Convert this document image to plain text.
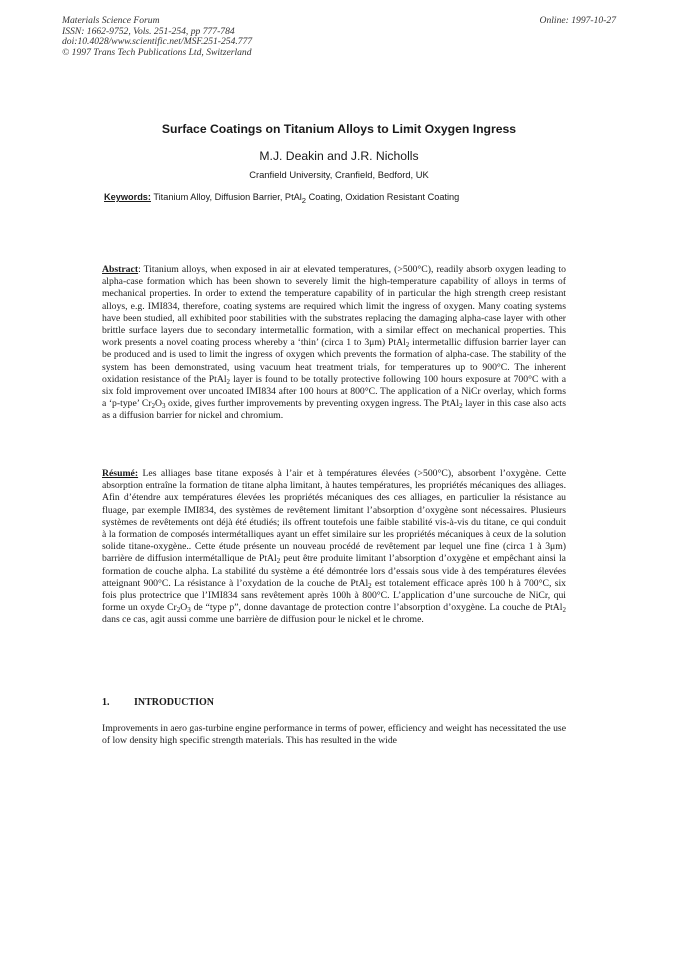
Materials Science Forum
ISSN: 1662-9752, Vols. 251-254, pp 777-784
doi:10.4028/www.scientific.net/MSF.251-254.777
© 1997 Trans Tech Publications Ltd, Switzerland
Online: 1997-10-27
Surface Coatings on Titanium Alloys to Limit Oxygen Ingress
M.J. Deakin and J.R. Nicholls
Cranfield University, Cranfield, Bedford, UK
Keywords: Titanium Alloy, Diffusion Barrier, PtAl$_2$ Coating, Oxidation Resistant Coating
Abstract: Titanium alloys, when exposed in air at elevated temperatures, (>500°C), readily absorb oxygen leading to alpha-case formation which has been shown to severely limit the high-temperature capability of alloys in terms of mechanical properties. In order to extend the temperature capability of in particular the high strength creep resistant alloys, e.g. IMI834, therefore, coating systems are required which limit the ingress of oxygen. Many coating systems have been studied, all exhibited poor stabilities with the substrates replacing the damaging alpha-case layer with other brittle surface layers due to secondary intermetallic formation, with a similar effect on mechanical properties. This work presents a novel coating process whereby a ‘thin’ (circa 1 to 3μm) PtAl$_2$ intermetallic diffusion barrier layer can be produced and is used to limit the ingress of oxygen which prevents the formation of alpha-case. The stability of the system has been demonstrated, using vacuum heat treatment trials, for temperatures up to 900°C. The inherent oxidation resistance of the PtAl$_2$ layer is found to be totally protective following 100 hours exposure at 700°C with a six fold improvement over uncoated IMI834 after 100 hours at 800°C. The application of a NiCr overlay, which forms a ‘p-type’ $Cr_2O_3$ oxide, gives further improvements by preventing oxygen ingress. The PtAl$_2$ layer in this case also acts as a diffusion barrier for nickel and chromium.
Résumé: Les alliages base titane exposés à l’air et à températures élevées (>500°C), absorbent l’oxygène. Cette absorption entraîne la formation de titane alpha limitant, à hautes températures, les propriétés mécaniques des alliages. Afin d’étendre aux températures élevées les propriétés mécaniques des ces alliages, en particulier la résistance au fluage, par exemple IMI834, des systèmes de revêtement limitant l’absorption d’oxygène sont nécessaires. Plusieurs systèmes de revêtements ont déjà été étudiés; ils offrent toutefois une faible stabilité vis-à-vis du titane, ce qui conduit à la formation de composés intermétalliques ayant un effet similaire sur les propriétés mécaniques à ceux de la solution solide titane-oxygène.. Cette étude présente un nouveau procédé de revêtement par lequel une fine (circa 1 à 3μm) barrière de diffusion intermétallique de PtAl$_2$ peut être produite limitant l’absorption d’oxygène et empêchant ainsi la formation de couche alpha. La stabilité du système a été démontrée lors d’essais sous vide à des températures élevées atteignant 900°C. La résistance à l’oxydation de la couche de PtAl$_2$ est totalement efficace après 100 h à 700°C, six fois plus protectrice que l’IMI834 sans revêtement après 100h à 800°C. L’application d’une surcouche de NiCr, qui forme un oxyde $Cr_2O_3$ de “type p”, donne davantage de protection contre l’absorption d’oxygène. La couche de PtAl$_2$ dans ce cas, agit aussi comme une barrière de diffusion pour le nickel et le chrome.
1. INTRODUCTION
Improvements in aero gas-turbine engine performance in terms of power, efficiency and weight has necessitated the use of low density high specific strength materials. This has resulted in the wide
